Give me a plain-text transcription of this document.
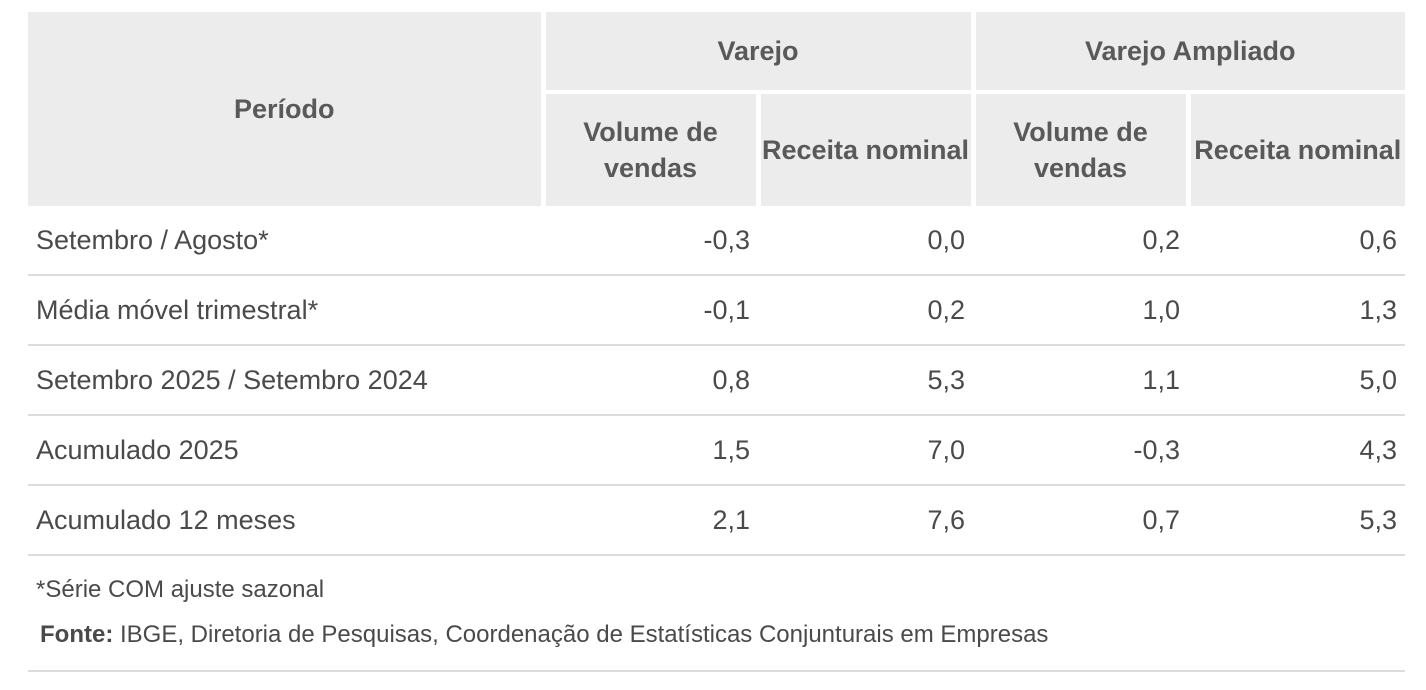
Período	Varejo		Varejo Ampliado	
	Volume de vendas	Receita nominal	Volume de vendas	Receita nominal
Setembro / Agosto*	-0,3	0,0	0,2	0,6
Média móvel trimestral*	-0,1	0,2	1,0	1,3
Setembro 2025 / Setembro 2024	0,8	5,3	1,1	5,0
Acumulado 2025	1,5	7,0	-0,3	4,3
Acumulado 12 meses	2,1	7,6	0,7	5,3
*Série COM ajuste sazonal
Fonte: IBGE, Diretoria de Pesquisas, Coordenação de Estatísticas Conjunturais em Empresas
